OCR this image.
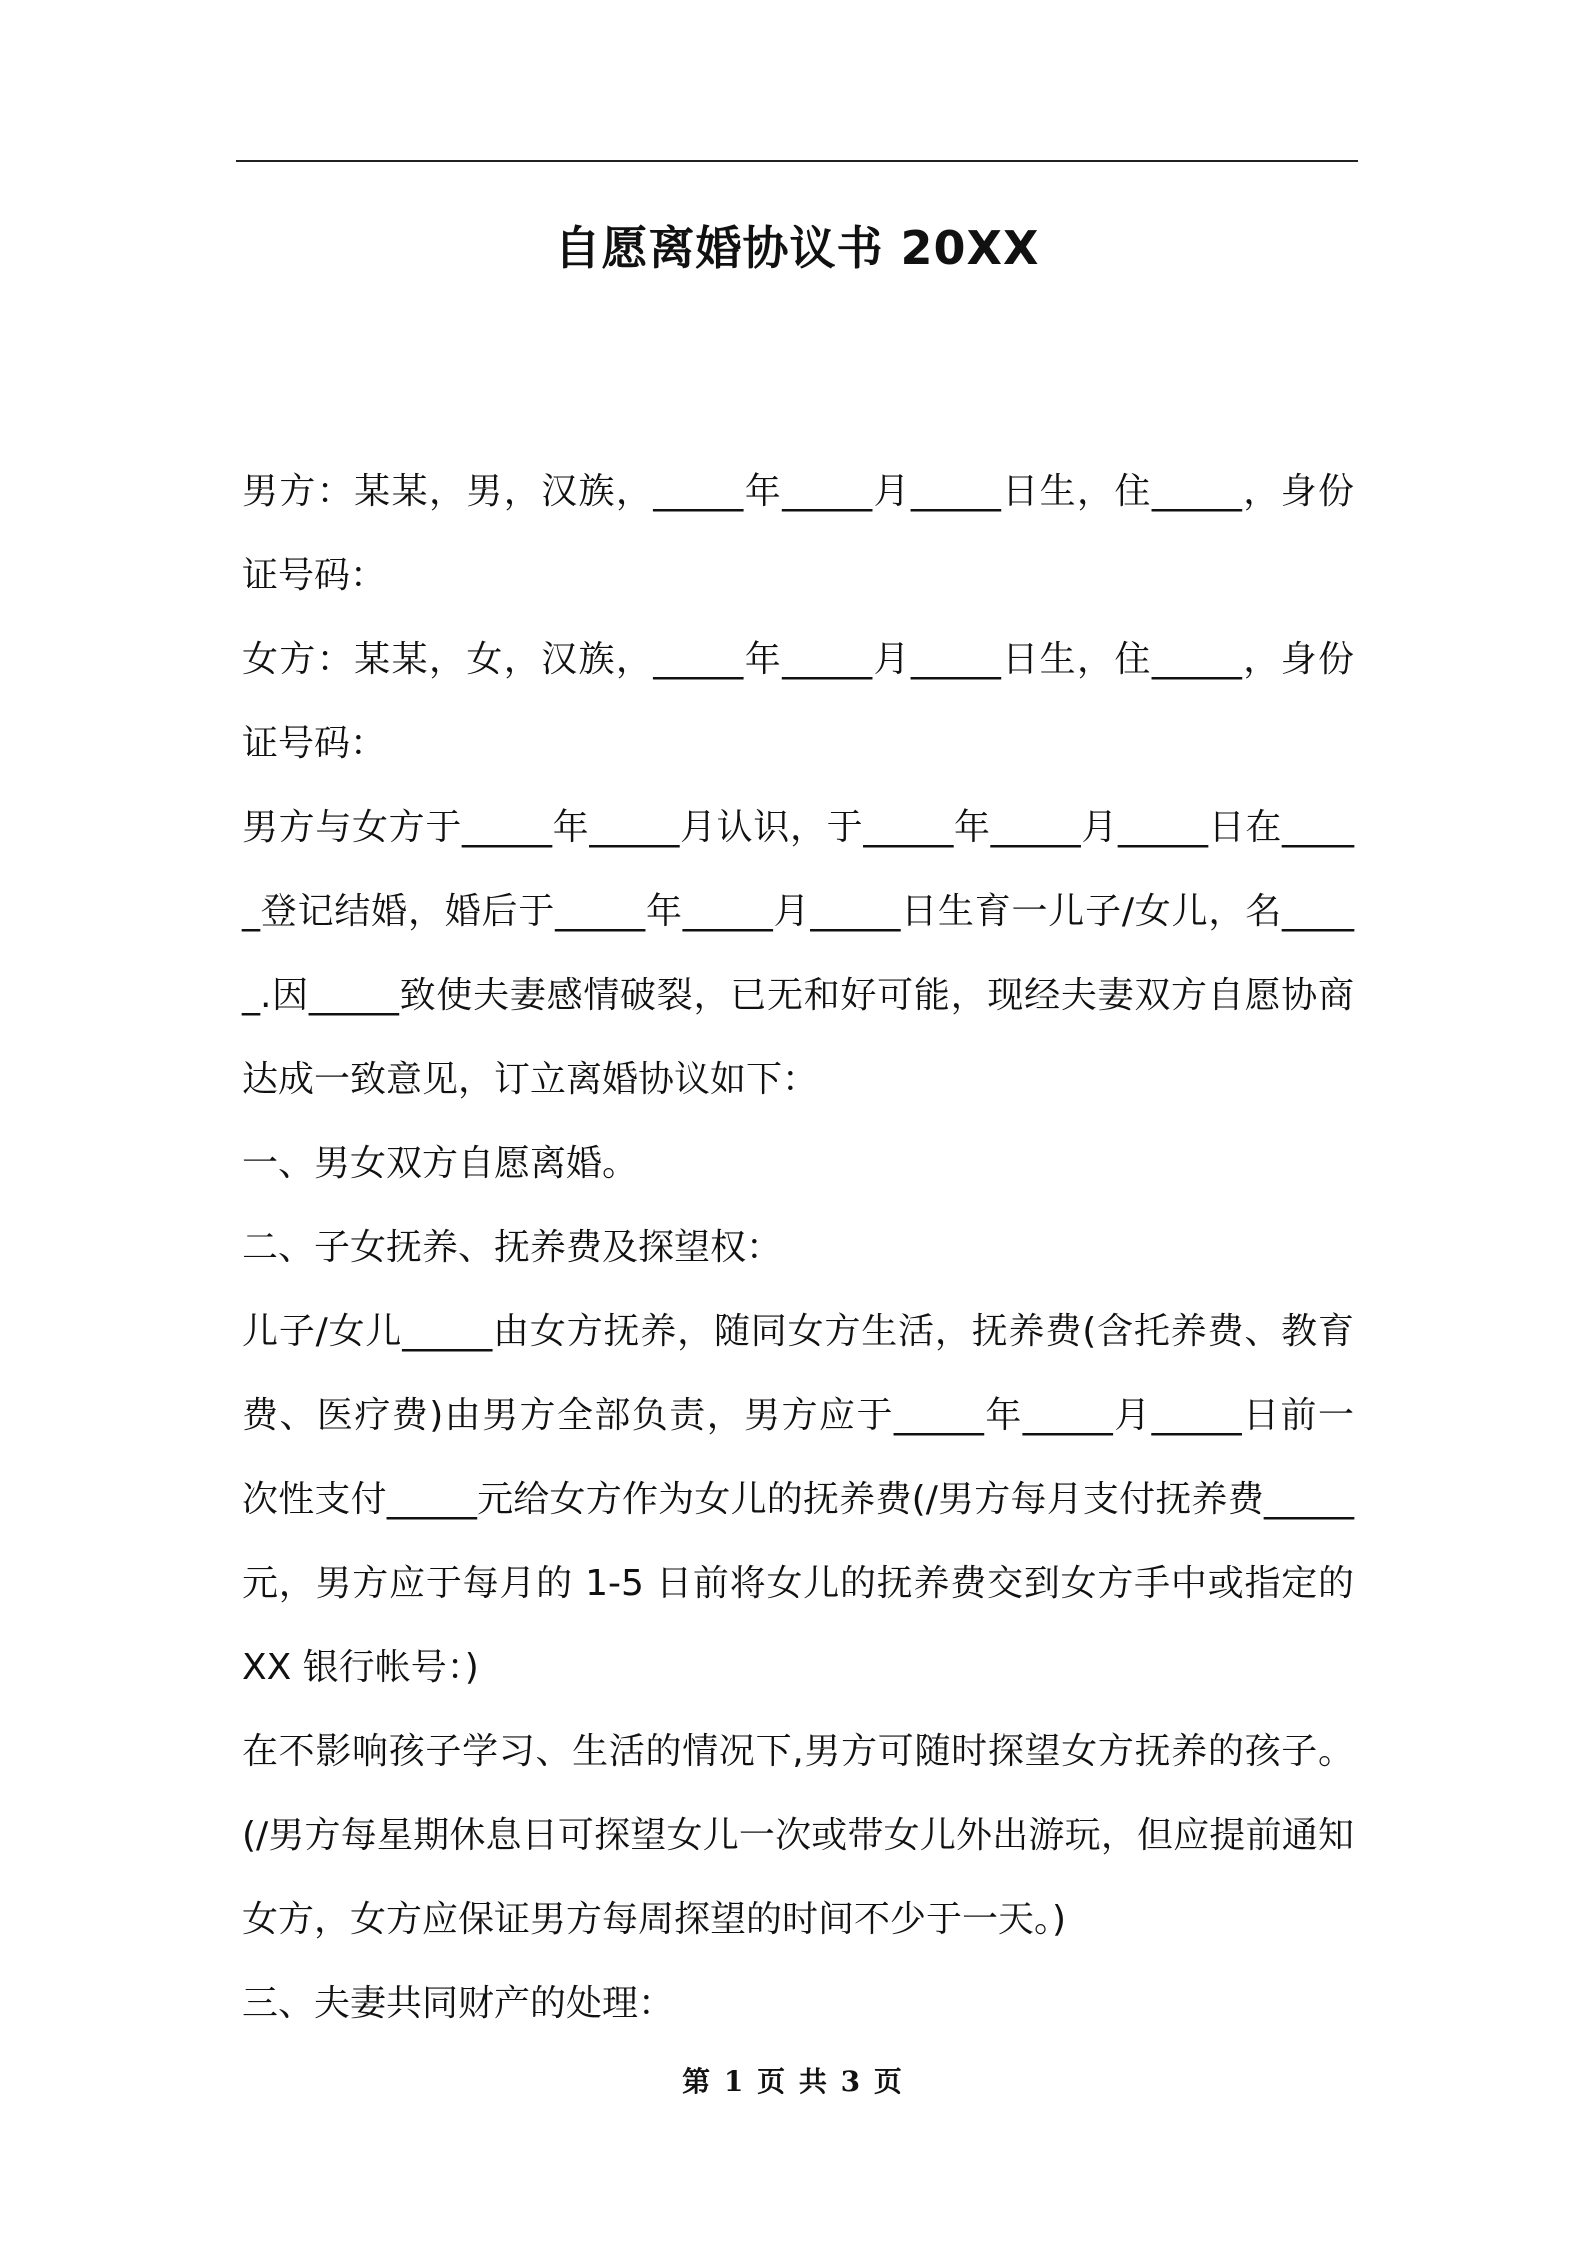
自愿离婚协议书 20XX

男方：某某，男，汉族，_____年_____月_____日生，住_____，身份证号码：

女方：某某，女，汉族，_____年_____月_____日生，住_____，身份证号码：

男方与女方于_____年_____月认识，于_____年_____月_____日在_____登记结婚，婚后于_____年_____月_____日生育一儿子/女儿，名_____.因_____致使夫妻感情破裂，已无和好可能，现经夫妻双方自愿协商达成一致意见，订立离婚协议如下：

一、男女双方自愿离婚。

二、子女抚养、抚养费及探望权：

儿子/女儿_____由女方抚养，随同女方生活，抚养费(含托养费、教育费、医疗费)由男方全部负责，男方应于_____年_____月_____日前一次性支付_____元给女方作为女儿的抚养费(/男方每月支付抚养费_____元，男方应于每月的 1-5 日前将女儿的抚养费交到女方手中或指定的 XX 银行帐号：)

在不影响孩子学习、生活的情况下,男方可随时探望女方抚养的孩子。(/男方每星期休息日可探望女儿一次或带女儿外出游玩，但应提前通知女方，女方应保证男方每周探望的时间不少于一天。)

三、夫妻共同财产的处理：

第 1 页 共 3 页
